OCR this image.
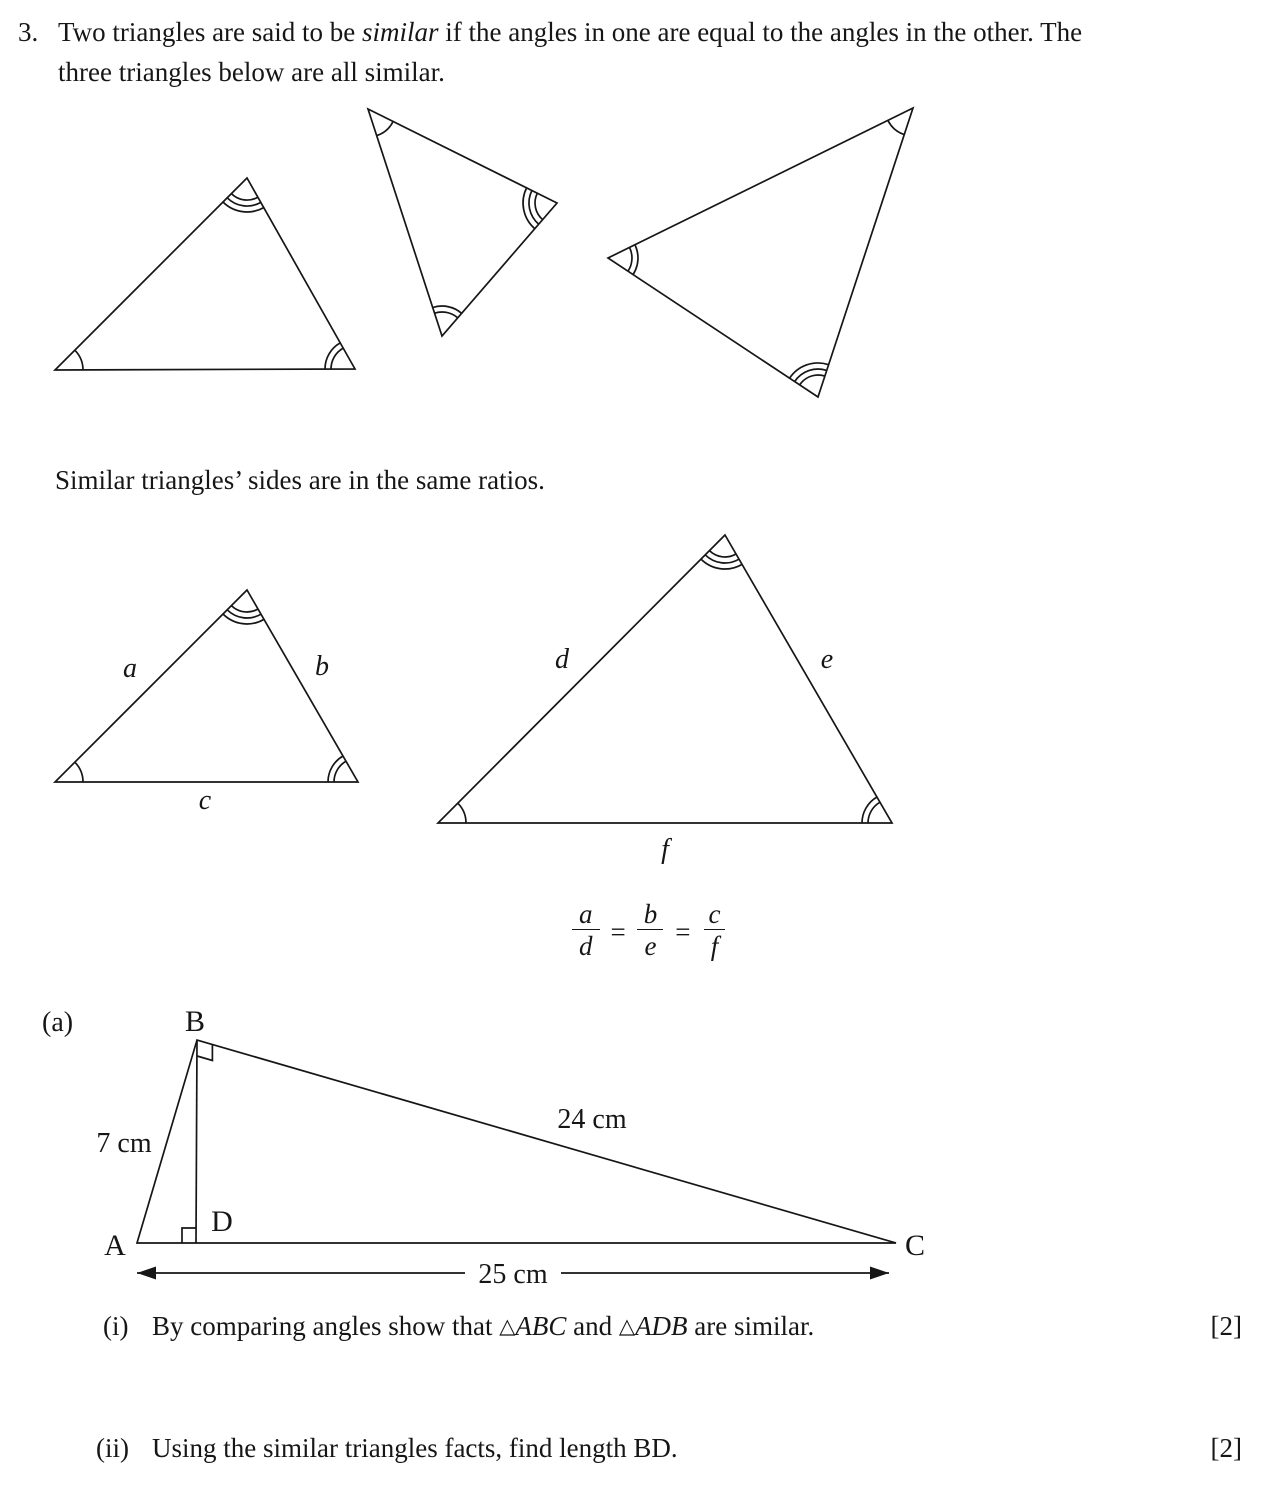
a	b
c
d	e
f
B
A	C
D
7 cm
24 cm
25 cm
3. Two triangles are said to be similar if the angles in one are equal to the angles in the other. The
three triangles below are all similar.
Similar triangles’ sides are in the same ratios.
$\frac{a}{d} = \frac{b}{e} = \frac{c}{f}$
(a)
(i) By comparing angles show that △ABC and △ADB are similar.	[2]
(ii) Using the similar triangles facts, find length BD.	[2]
